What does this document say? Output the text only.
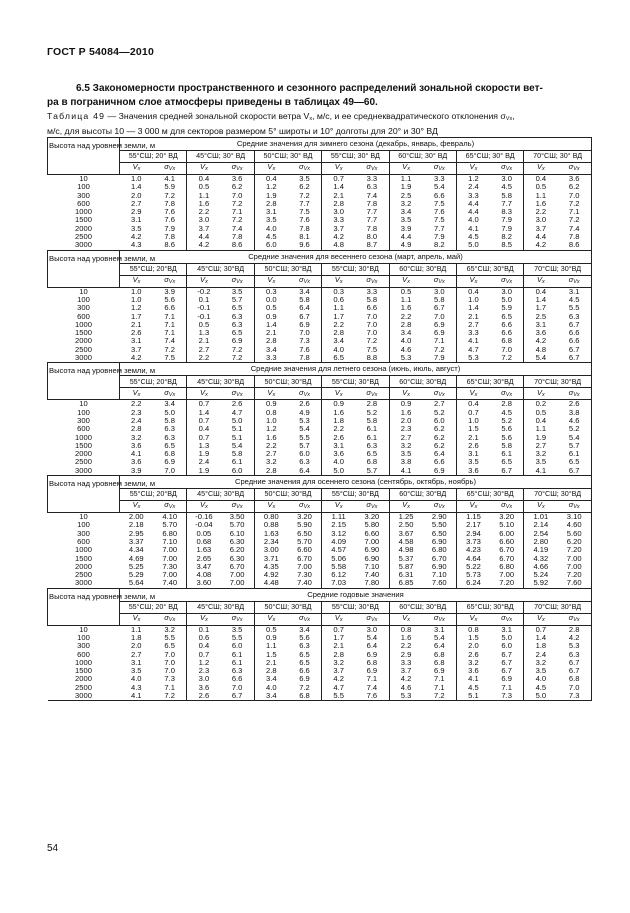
ГОСТ Р 54084—2010
6.5 Закономерности пространственного и сезонного распределений зональной скорости вет-
ра в пограничном слое атмосферы приведены в таблицах 49—60.
Таблица 49 — Значения средней зональной скорости ветра $V_x$, м/с, и ее среднеквадратического отклонения $\sigma_{Vx}$,
м/с, для высоты 10 — 3 000 м для секторов размером 5° широты и 10° долготы для 20° и 30° ВД
Высота над уровнем земли, м	Средние значения для зимнего сезона (декабрь, январь, февраль)													
	55°СШ; 20° ВД		45°СШ; 30° ВД		50°СШ; 30° ВД		55°СШ; 30° ВД		60°СШ; 30° ВД		65°СШ; 30° ВД		70°СШ; 30° ВД	
	$V_x$	$\sigma_{Vx}$	$V_x$	$\sigma_{Vx}$	$V_x$	$\sigma_{Vx}$	$V_x$	$\sigma_{Vx}$	$V_x$	$\sigma_{Vx}$	$V_x$	$\sigma_{Vx}$	$V_x$	$\sigma_{Vx}$
10	1.0	4.1	0.4	3.6	0.4	3.5	0.7	3.3	1.1	3.3	1.2	3.0	0.4	3.6
100	1.4	5.9	0.5	6.2	1.2	6.2	1.4	6.3	1.9	5.4	2.4	4.5	0.5	6.2
300	2.0	7.2	1.1	7.0	1.9	7.2	2.1	7.4	2.5	6.6	3.3	5.8	1.1	7.0
600	2.7	7.8	1.6	7.2	2.8	7.7	2.8	7.8	3.2	7.5	4.4	7.7	1.6	7.2
1000	2.9	7.6	2.2	7.1	3.1	7.5	3.0	7.7	3.4	7.6	4.4	8.3	2.2	7.1
1500	3.1	7.6	3.0	7.2	3.5	7.6	3.3	7.7	3.5	7.5	4.0	7.9	3.0	7.2
2000	3.5	7.9	3.7	7.4	4.0	7.8	3.7	7.8	3.9	7.7	4.1	7.9	3.7	7.4
2500	4.2	7.8	4.4	7.8	4.5	8.1	4.2	8.0	4.4	7.9	4.5	8.2	4.4	7.8
3000	4.3	8.6	4.2	8.6	6.0	9.6	4.8	8.7	4.9	8.2	5.0	8.5	4.2	8.6
Высота над уровнем земли, м	Средние значения для весеннего сезона (март, апрель, май)													
	55°СШ; 20°ВД		45°СШ; 30°ВД		50°СШ; 30°ВД		55°СШ; 30°ВД		60°СШ; 30°ВД		65°СШ; 30°ВД		70°СШ; 30°ВД	
	$V_x$	$\sigma_{Vx}$	$V_x$	$\sigma_{Vx}$	$V_x$	$\sigma_{Vx}$	$V_x$	$\sigma_{Vx}$	$V_x$	$\sigma_{Vx}$	$V_x$	$\sigma_{Vx}$	$V_x$	$\sigma_{Vx}$
10	1.0	3.9	-0.2	3.5	0.3	3.4	0.3	3.3	0.5	3.0	0.4	3.0	0.4	3.1
100	1.0	5.6	0.1	5.7	0.0	5.8	0.6	5.8	1.1	5.8	1.0	5.0	1.4	4.5
300	1.2	6.6	-0.1	6.5	0.5	6.4	1.1	6.6	1.6	6.7	1.4	5.9	1.7	5.5
600	1.7	7.1	-0.1	6.3	0.9	6.7	1.7	7.0	2.2	7.0	2.1	6.5	2.5	6.3
1000	2.1	7.1	0.5	6.3	1.4	6.9	2.2	7.0	2.8	6.9	2.7	6.6	3.1	6.7
1500	2.6	7.1	1.3	6.5	2.1	7.0	2.8	7.0	3.4	6.9	3.3	6.6	3.6	6.6
2000	3.1	7.4	2.1	6.9	2.8	7.3	3.4	7.2	4.0	7.1	4.1	6.8	4.2	6.6
2500	3.7	7.2	2.7	7.2	3.4	7.6	4.0	7.5	4.6	7.2	4.7	7.0	4.8	6.7
3000	4.2	7.5	2.2	7.2	3.3	7.8	6.5	8.8	5.3	7.9	5.3	7.2	5.4	6.7
Высота над уровнем земли, м	Средние значения для летнего сезона (июнь, июль, август)													
	55°СШ; 20°ВД		45°СШ; 30°ВД		50°СШ; 30°ВД		55°СШ; 30°ВД		60°СШ; 30°ВД		65°СШ; 30°ВД		70°СШ; 30°ВД	
	$V_x$	$\sigma_{Vx}$	$V_x$	$\sigma_{Vx}$	$V_x$	$\sigma_{Vx}$	$V_x$	$\sigma_{Vx}$	$V_x$	$\sigma_{Vx}$	$V_x$	$\sigma_{Vx}$	$V_x$	$\sigma_{Vx}$
10	2.2	3.4	0.7	2.6	0.9	2.6	0.9	2.8	0.9	2.7	0.4	2.8	0.2	2.6
100	2.3	5.0	1.4	4.7	0.8	4.9	1.6	5.2	1.6	5.2	0.7	4.5	0.5	3.8
300	2.4	5.8	0.7	5.0	1.0	5.3	1.8	5.8	2.0	6.0	1.0	5.2	0.4	4.6
600	2.8	6.3	0.4	5.1	1.2	5.4	2.2	6.1	2.3	6.2	1.5	5.6	1.1	5.2
1000	3.2	6.3	0.7	5.1	1.6	5.5	2.6	6.1	2.7	6.2	2.1	5.6	1.9	5.4
1500	3.6	6.5	1.3	5.4	2.2	5.7	3.1	6.3	3.2	6.2	2.6	5.8	2.7	5.7
2000	4.1	6.8	1.9	5.8	2.7	6.0	3.6	6.5	3.5	6.4	3.1	6.1	3.2	6.1
2500	3.6	6.9	2.4	6.1	3.2	6.3	4.0	6.8	3.8	6.6	3.5	6.5	3.5	6.5
3000	3.9	7.0	1.9	6.0	2.8	6.4	5.0	5.7	4.1	6.9	3.6	6.7	4.1	6.7
Высота над уровнем земли, м	Средние значения для осеннего сезона (сентябрь, октябрь, ноябрь)													
	55°СШ; 20°ВД		45°СШ; 30°ВД		50°СШ; 30°ВД		55°СШ; 30°ВД		60°СШ; 30°ВД		65°СШ; 30°ВД		70°СШ; 30°ВД	
	$V_x$	$\sigma_{Vx}$	$V_x$	$\sigma_{Vx}$	$V_x$	$\sigma_{Vx}$	$V_x$	$\sigma_{Vx}$	$V_x$	$\sigma_{Vx}$	$V_x$	$\sigma_{Vx}$	$V_x$	$\sigma_{Vx}$
10	2.00	4.10	-0.16	3.50	0.80	3.20	1.11	3.20	1.25	2.90	1.15	3.20	1.01	3.10
100	2.18	5.70	-0.04	5.70	0.88	5.90	2.15	5.80	2.50	5.50	2.17	5.10	2.14	4.60
300	2.95	6.80	0.05	6.10	1.63	6.50	3.12	6.60	3.67	6.50	2.94	6.00	2.54	5.60
600	3.37	7.10	0.68	6.30	2.34	5.70	4.09	7.00	4.58	6.90	3.73	6.60	2.80	6.20
1000	4.34	7.00	1.63	6.20	3.00	6.60	4.57	6.90	4.98	6.80	4.23	6.70	4.19	7.20
1500	4.69	7.00	2.65	6.30	3.71	6.70	5.06	6.90	5.37	6.70	4.64	6.70	4.32	7.00
2000	5.25	7.30	3.47	6.70	4.35	7.00	5.58	7.10	5.87	6.90	5.22	6.80	4.66	7.00
2500	5.29	7.00	4.08	7.00	4.92	7.30	6.12	7.40	6.31	7.10	5.73	7.00	5.24	7.20
3000	5.64	7.40	3.60	7.00	4.48	7.40	7.03	7.80	6.85	7.60	6.24	7.20	5.92	7.60
Высота над уровнем земли, м	Средние годовые значения													
	55°СШ; 20° ВД		45°СШ; 30°ВД		50°СШ; 30°ВД		55°СШ; 30°ВД		60°СШ; 30°ВД		65°СШ; 30°ВД		70°СШ; 30°ВД	
	$V_x$	$\sigma_{Vx}$	$V_x$	$\sigma_{Vx}$	$V_x$	$\sigma_{Vx}$	$V_x$	$\sigma_{Vx}$	$V_x$	$\sigma_{Vx}$	$V_x$	$\sigma_{Vx}$	$V_x$	$\sigma_{Vx}$
10	1.1	3.2	0.1	3.5	0.5	3.4	0.7	3.0	0.8	3.1	0.8	3.1	0.7	2.8
100	1.8	5.5	0.6	5.5	0.9	5.6	1.7	5.4	1.6	5.4	1.5	5.0	1.4	4.2
300	2.0	6.5	0.4	6.0	1.1	6.3	2.1	6.4	2.2	6.4	2.0	6.0	1.8	5.3
600	2.7	7.0	0.7	6.1	1.5	6.5	2.8	6.9	2.9	6.8	2.6	6.7	2.4	6.3
1000	3.1	7.0	1.2	6.1	2.1	6.5	3.2	6.8	3.3	6.8	3.2	6.7	3.2	6.7
1500	3.5	7.0	2.3	6.3	2.8	6.6	3.7	6.9	3.7	6.9	3.6	6.7	3.5	6.7
2000	4.0	7.3	3.0	6.6	3.4	6.9	4.2	7.1	4.2	7.1	4.1	6.9	4.0	6.8
2500	4.3	7.1	3.6	7.0	4.0	7.2	4.7	7.4	4.6	7.1	4.5	7.1	4.5	7.0
3000	4.1	7.2	2.6	6.7	3.4	6.8	5.5	7.6	5.3	7.2	5.1	7.3	5.0	7.3
54
